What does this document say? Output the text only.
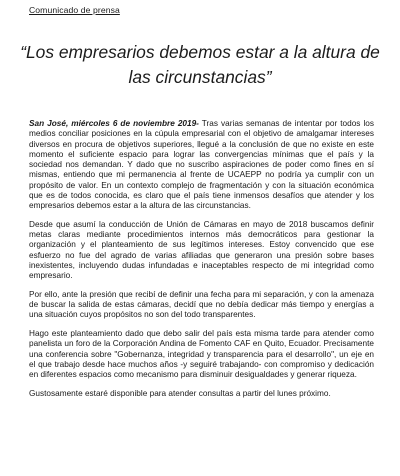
Comunicado de prensa
“Los empresarios debemos estar a la altura de las circunstancias”

San José, miércoles 6 de noviembre 2019- Tras varias semanas de intentar por todos los medios conciliar posiciones en la cúpula empresarial con el objetivo de amalgamar intereses diversos en procura de objetivos superiores, llegué a la conclusión de que no existe en este momento el suficiente espacio para lograr las convergencias mínimas que el país y la sociedad nos demandan. Y dado que no suscribo aspiraciones de poder como fines en sí mismas, entiendo que mi permanencia al frente de UCAEPP no podría ya cumplir con un propósito de valor. En un contexto complejo de fragmentación y con la situación económica que es de todos conocida, es claro que el país tiene inmensos desafíos que atender y los empresarios debemos estar a la altura de las circunstancias.

Desde que asumí la conducción de Unión de Cámaras en mayo de 2018 buscamos definir metas claras mediante procedimientos internos más democráticos para gestionar la organización y el planteamiento de sus legítimos intereses. Estoy convencido que ese esfuerzo no fue del agrado de varias afiliadas que generaron una presión sobre bases inexistentes, incluyendo dudas infundadas e inaceptables respecto de mi integridad como empresario.

Por ello, ante la presión que recibí de definir una fecha para mi separación, y con la amenaza de buscar la salida de estas cámaras, decidí que no debía dedicar más tiempo y energías a una situación cuyos propósitos no son del todo transparentes.

Hago este planteamiento dado que debo salir del país esta misma tarde para atender como panelista un foro de la Corporación Andina de Fomento CAF en Quito, Ecuador. Precisamente una conferencia sobre "Gobernanza, integridad y transparencia para el desarrollo", un eje en el que trabajo desde hace muchos años -y seguiré trabajando- con compromiso y dedicación en diferentes espacios como mecanismo para disminuir desigualdades y generar riqueza.

Gustosamente estaré disponible para atender consultas a partir del lunes próximo.
